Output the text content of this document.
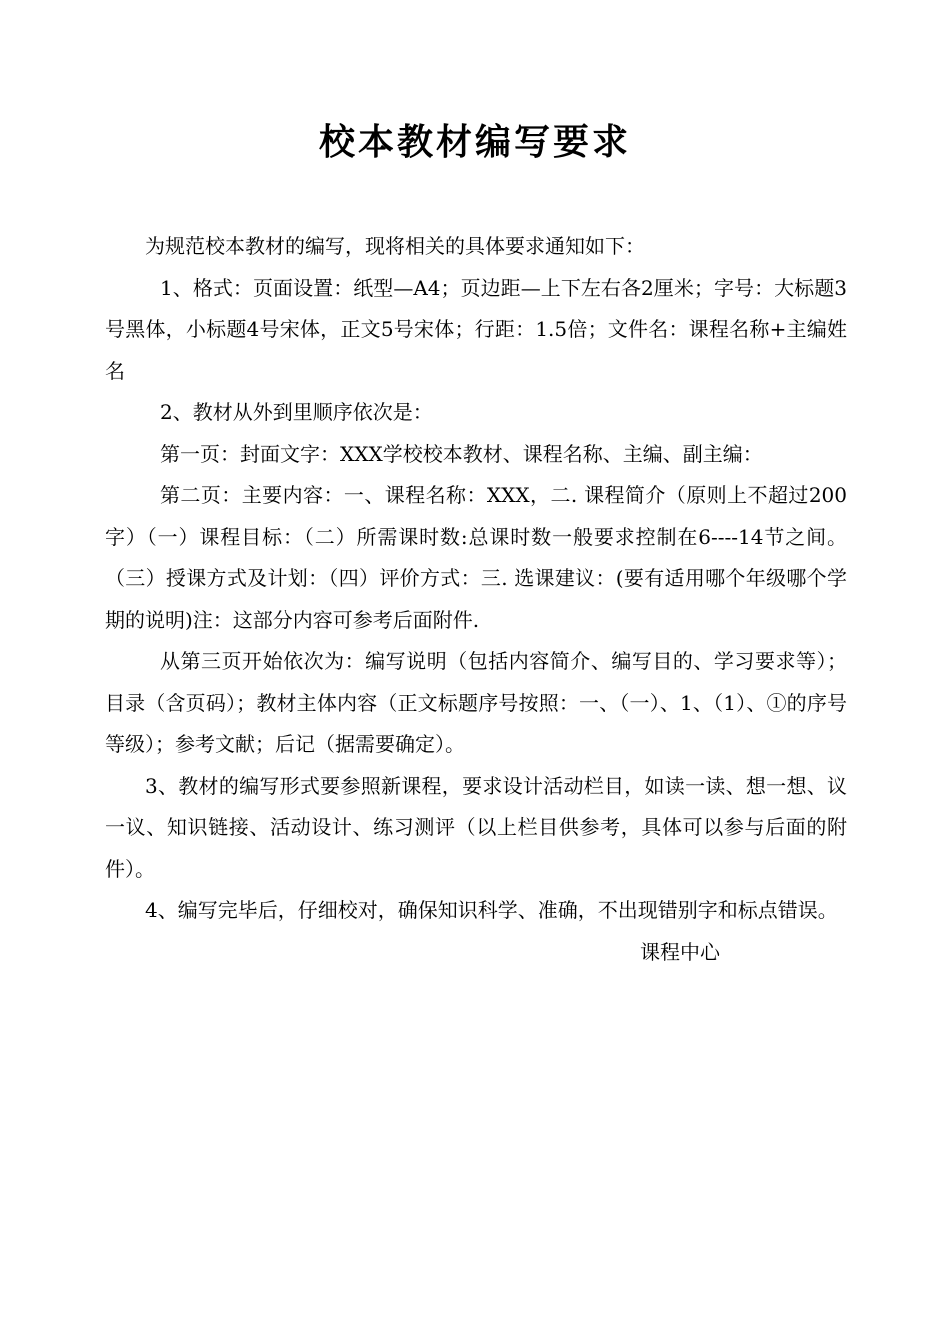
校本教材编写要求

为规范校本教材的编写，现将相关的具体要求通知如下：

1、格式：页面设置：纸型—A4；页边距—上下左右各2厘米；字号：大标题3号黑体，小标题4号宋体，正文5号宋体；行距：1.5倍；文件名：课程名称+主编姓名

2、教材从外到里顺序依次是：

第一页：封面文字：XXX学校校本教材、课程名称、主编、副主编：

第二页：主要内容：一、课程名称：XXX，二. 课程简介（原则上不超过200字）（一）课程目标：（二）所需课时数:总课时数一般要求控制在6----14节之间。（三）授课方式及计划：（四）评价方式：三. 选课建议：(要有适用哪个年级哪个学期的说明)注：这部分内容可参考后面附件.

从第三页开始依次为：编写说明（包括内容简介、编写目的、学习要求等）；目录（含页码）；教材主体内容（正文标题序号按照：一、（一）、1、（1）、①的序号等级）；参考文献；后记（据需要确定）。

3、教材的编写形式要参照新课程，要求设计活动栏目，如读一读、想一想、议一议、知识链接、活动设计、练习测评（以上栏目供参考，具体可以参与后面的附件）。

4、编写完毕后，仔细校对，确保知识科学、准确，不出现错别字和标点错误。

课程中心
